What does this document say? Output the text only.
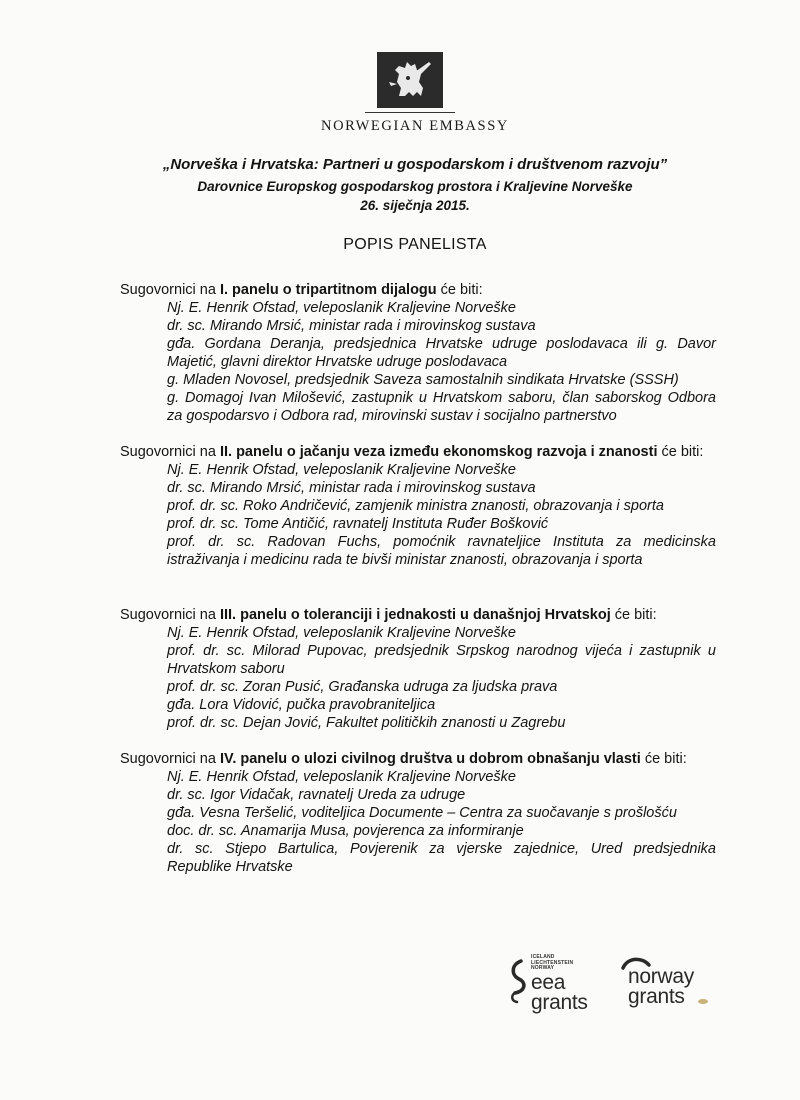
NORWEGIAN EMBASSY
„Norveška i Hrvatska: Partneri u gospodarskom i društvenom razvoju”
Darovnice Europskog gospodarskog prostora i Kraljevine Norveške
26. siječnja 2015.
POPIS PANELISTA
Sugovornici na I. panelu o tripartitnom dijalogu će biti:
Nj. E. Henrik Ofstad, veleposlanik Kraljevine Norveške
dr. sc. Mirando Mrsić, ministar rada i mirovinskog sustava
gđa. Gordana Deranja, predsjednica Hrvatske udruge poslodavaca ili g. Davor Majetić, glavni direktor Hrvatske udruge poslodavaca
g. Mladen Novosel, predsjednik Saveza samostalnih sindikata Hrvatske (SSSH)
g. Domagoj Ivan Milošević, zastupnik u Hrvatskom saboru, član saborskog Odbora za gospodarsvo i Odbora rad, mirovinski sustav i socijalno partnerstvo
Sugovornici na II. panelu o jačanju veza između ekonomskog razvoja i znanosti će biti:
Nj. E. Henrik Ofstad, veleposlanik Kraljevine Norveške
dr. sc. Mirando Mrsić, ministar rada i mirovinskog sustava
prof. dr. sc. Roko Andričević, zamjenik ministra znanosti, obrazovanja i sporta
prof. dr. sc. Tome Antičić, ravnatelj Instituta Ruđer Bošković
prof. dr. sc. Radovan Fuchs, pomoćnik ravnateljice Instituta za medicinska istraživanja i medicinu rada te bivši ministar znanosti, obrazovanja i sporta
Sugovornici na III. panelu o toleranciji i jednakosti u današnjoj Hrvatskoj će biti:
Nj. E. Henrik Ofstad, veleposlanik Kraljevine Norveške
prof. dr. sc. Milorad Pupovac, predsjednik Srpskog narodnog vijeća i zastupnik u Hrvatskom saboru
prof. dr. sc. Zoran Pusić, Građanska udruga za ljudska prava
gđa. Lora Vidović, pučka pravobraniteljica
prof. dr. sc. Dejan Jović, Fakultet političkih znanosti u Zagrebu
Sugovornici na IV. panelu o ulozi civilnog društva u dobrom obnašanju vlasti će biti:
Nj. E. Henrik Ofstad, veleposlanik Kraljevine Norveške
dr. sc. Igor Vidačak, ravnatelj Ureda za udruge
gđa. Vesna Teršelić, voditeljica Documente – Centra za suočavanje s prošlošću
doc. dr. sc. Anamarija Musa, povjerenca za informiranje
dr. sc. Stjepo Bartulica, Povjerenik za vjerske zajednice, Ured predsjednika Republike Hrvatske
ICELAND
LIECHTENSTEIN
NORWAY
eea
grants
norway
grants
